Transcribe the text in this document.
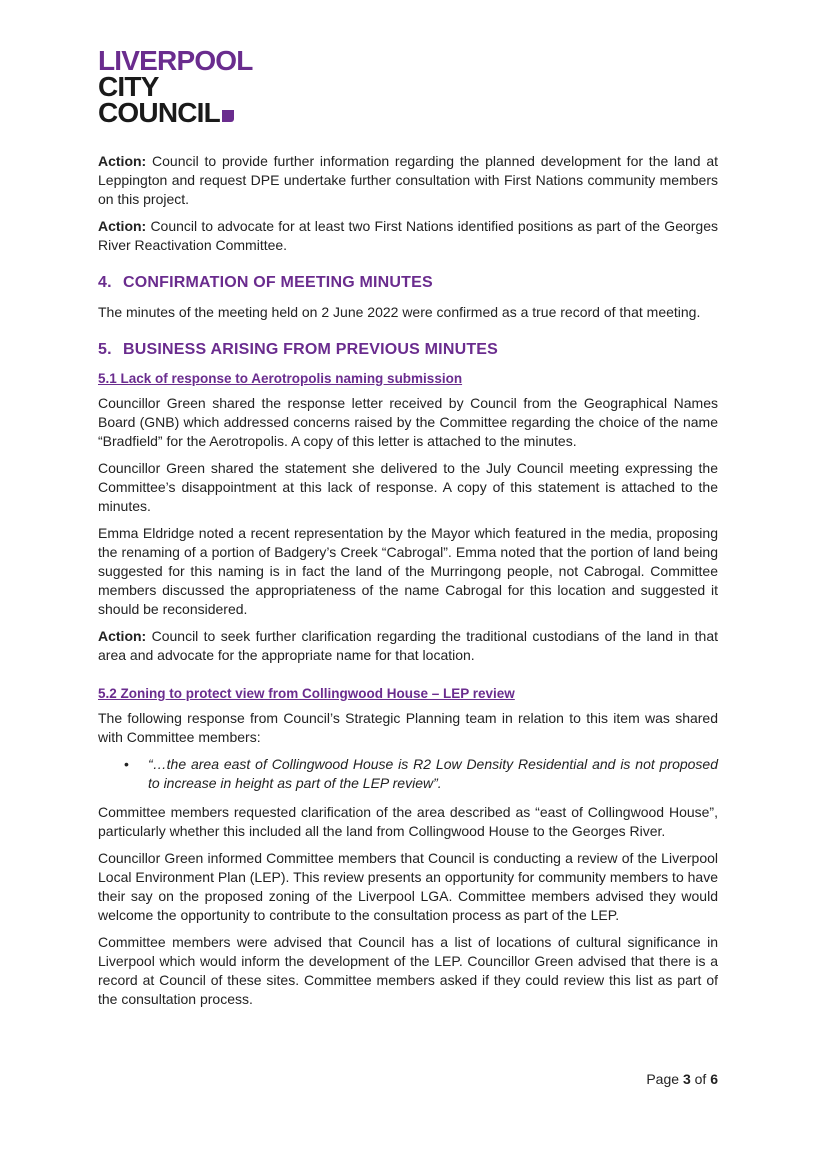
LIVERPOOL
CITY
COUNCIL

Action: Council to provide further information regarding the planned development for the land at Leppington and request DPE undertake further consultation with First Nations community members on this project.

Action: Council to advocate for at least two First Nations identified positions as part of the Georges River Reactivation Committee.

4. CONFIRMATION OF MEETING MINUTES

The minutes of the meeting held on 2 June 2022 were confirmed as a true record of that meeting.

5. BUSINESS ARISING FROM PREVIOUS MINUTES
5.1 Lack of response to Aerotropolis naming submission

Councillor Green shared the response letter received by Council from the Geographical Names Board (GNB) which addressed concerns raised by the Committee regarding the choice of the name “Bradfield” for the Aerotropolis. A copy of this letter is attached to the minutes.

Councillor Green shared the statement she delivered to the July Council meeting expressing the Committee’s disappointment at this lack of response. A copy of this statement is attached to the minutes.

Emma Eldridge noted a recent representation by the Mayor which featured in the media, proposing the renaming of a portion of Badgery’s Creek “Cabrogal”. Emma noted that the portion of land being suggested for this naming is in fact the land of the Murringong people, not Cabrogal. Committee members discussed the appropriateness of the name Cabrogal for this location and suggested it should be reconsidered.

Action: Council to seek further clarification regarding the traditional custodians of the land in that area and advocate for the appropriate name for that location.

5.2 Zoning to protect view from Collingwood House – LEP review

The following response from Council’s Strategic Planning team in relation to this item was shared with Committee members:

• “…the area east of Collingwood House is R2 Low Density Residential and is not proposed to increase in height as part of the LEP review”.

Committee members requested clarification of the area described as “east of Collingwood House”, particularly whether this included all the land from Collingwood House to the Georges River.

Councillor Green informed Committee members that Council is conducting a review of the Liverpool Local Environment Plan (LEP). This review presents an opportunity for community members to have their say on the proposed zoning of the Liverpool LGA. Committee members advised they would welcome the opportunity to contribute to the consultation process as part of the LEP.

Committee members were advised that Council has a list of locations of cultural significance in Liverpool which would inform the development of the LEP. Councillor Green advised that there is a record at Council of these sites. Committee members asked if they could review this list as part of the consultation process.

Page 3 of 6
